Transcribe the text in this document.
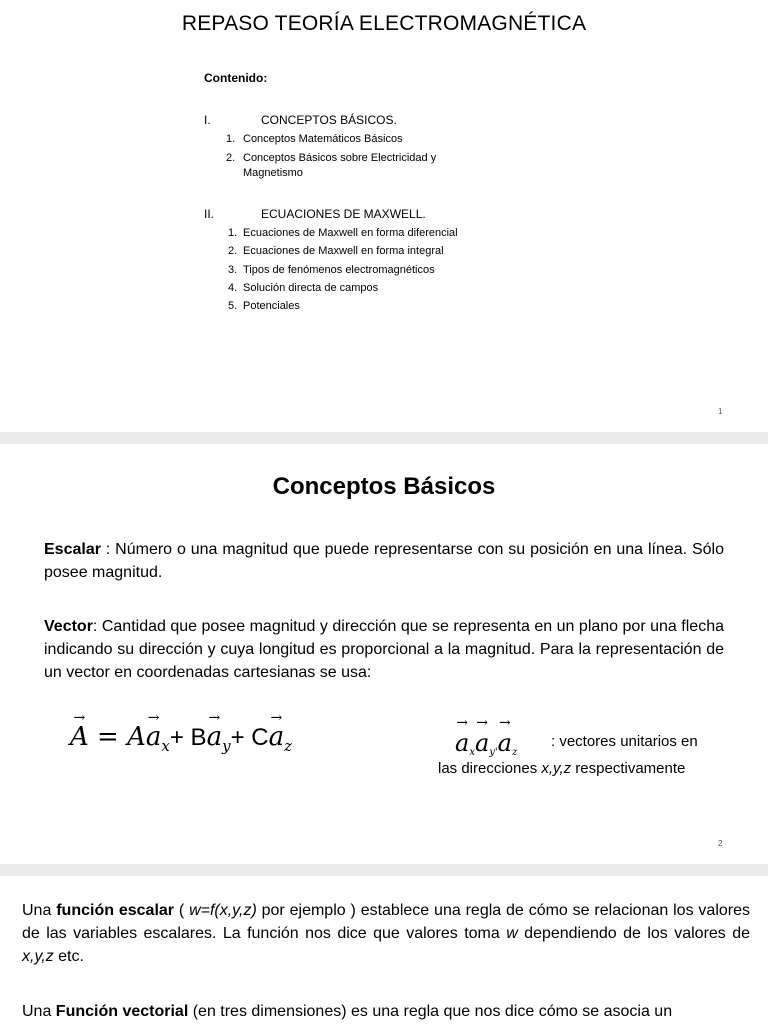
REPASO TEORÍA ELECTROMAGNÉTICA
Contenido:
I.	CONCEPTOS BÁSICOS.
1. Conceptos Matemáticos Básicos
2. Conceptos Básicos sobre Electricidad y
Magnetismo
II.	ECUACIONES DE MAXWELL.
1. Ecuaciones de Maxwell en forma diferencial
2. Ecuaciones de Maxwell en forma integral
3. Tipos de fenómenos electromagnéticos
4. Solución directa de campos
5. Potenciales
1
Conceptos Básicos
Escalar : Número o una magnitud que puede representarse con su posición en una línea. Sólo posee magnitud.
Vector: Cantidad que posee magnitud y dirección que se representa en un plano por una flecha indicando su dirección y cuya longitud es proporcional a la magnitud. Para la representación de un vector en coordenadas cartesianas se usa:
→
A = A
→
$a_x+ B$
→
$a_y+ C$
→
$a_z$
→
ax
→
ay'
→
az
: vectores unitarios en
las direcciones x,y,z respectivamente
2
Una función escalar ( w=f(x,y,z) por ejemplo ) establece una regla de cómo se relacionan los valores de las variables escalares. La función nos dice que valores toma w dependiendo de los valores de x,y,z etc.
Una Función vectorial (en tres dimensiones) es una regla que nos dice cómo se asocia un
